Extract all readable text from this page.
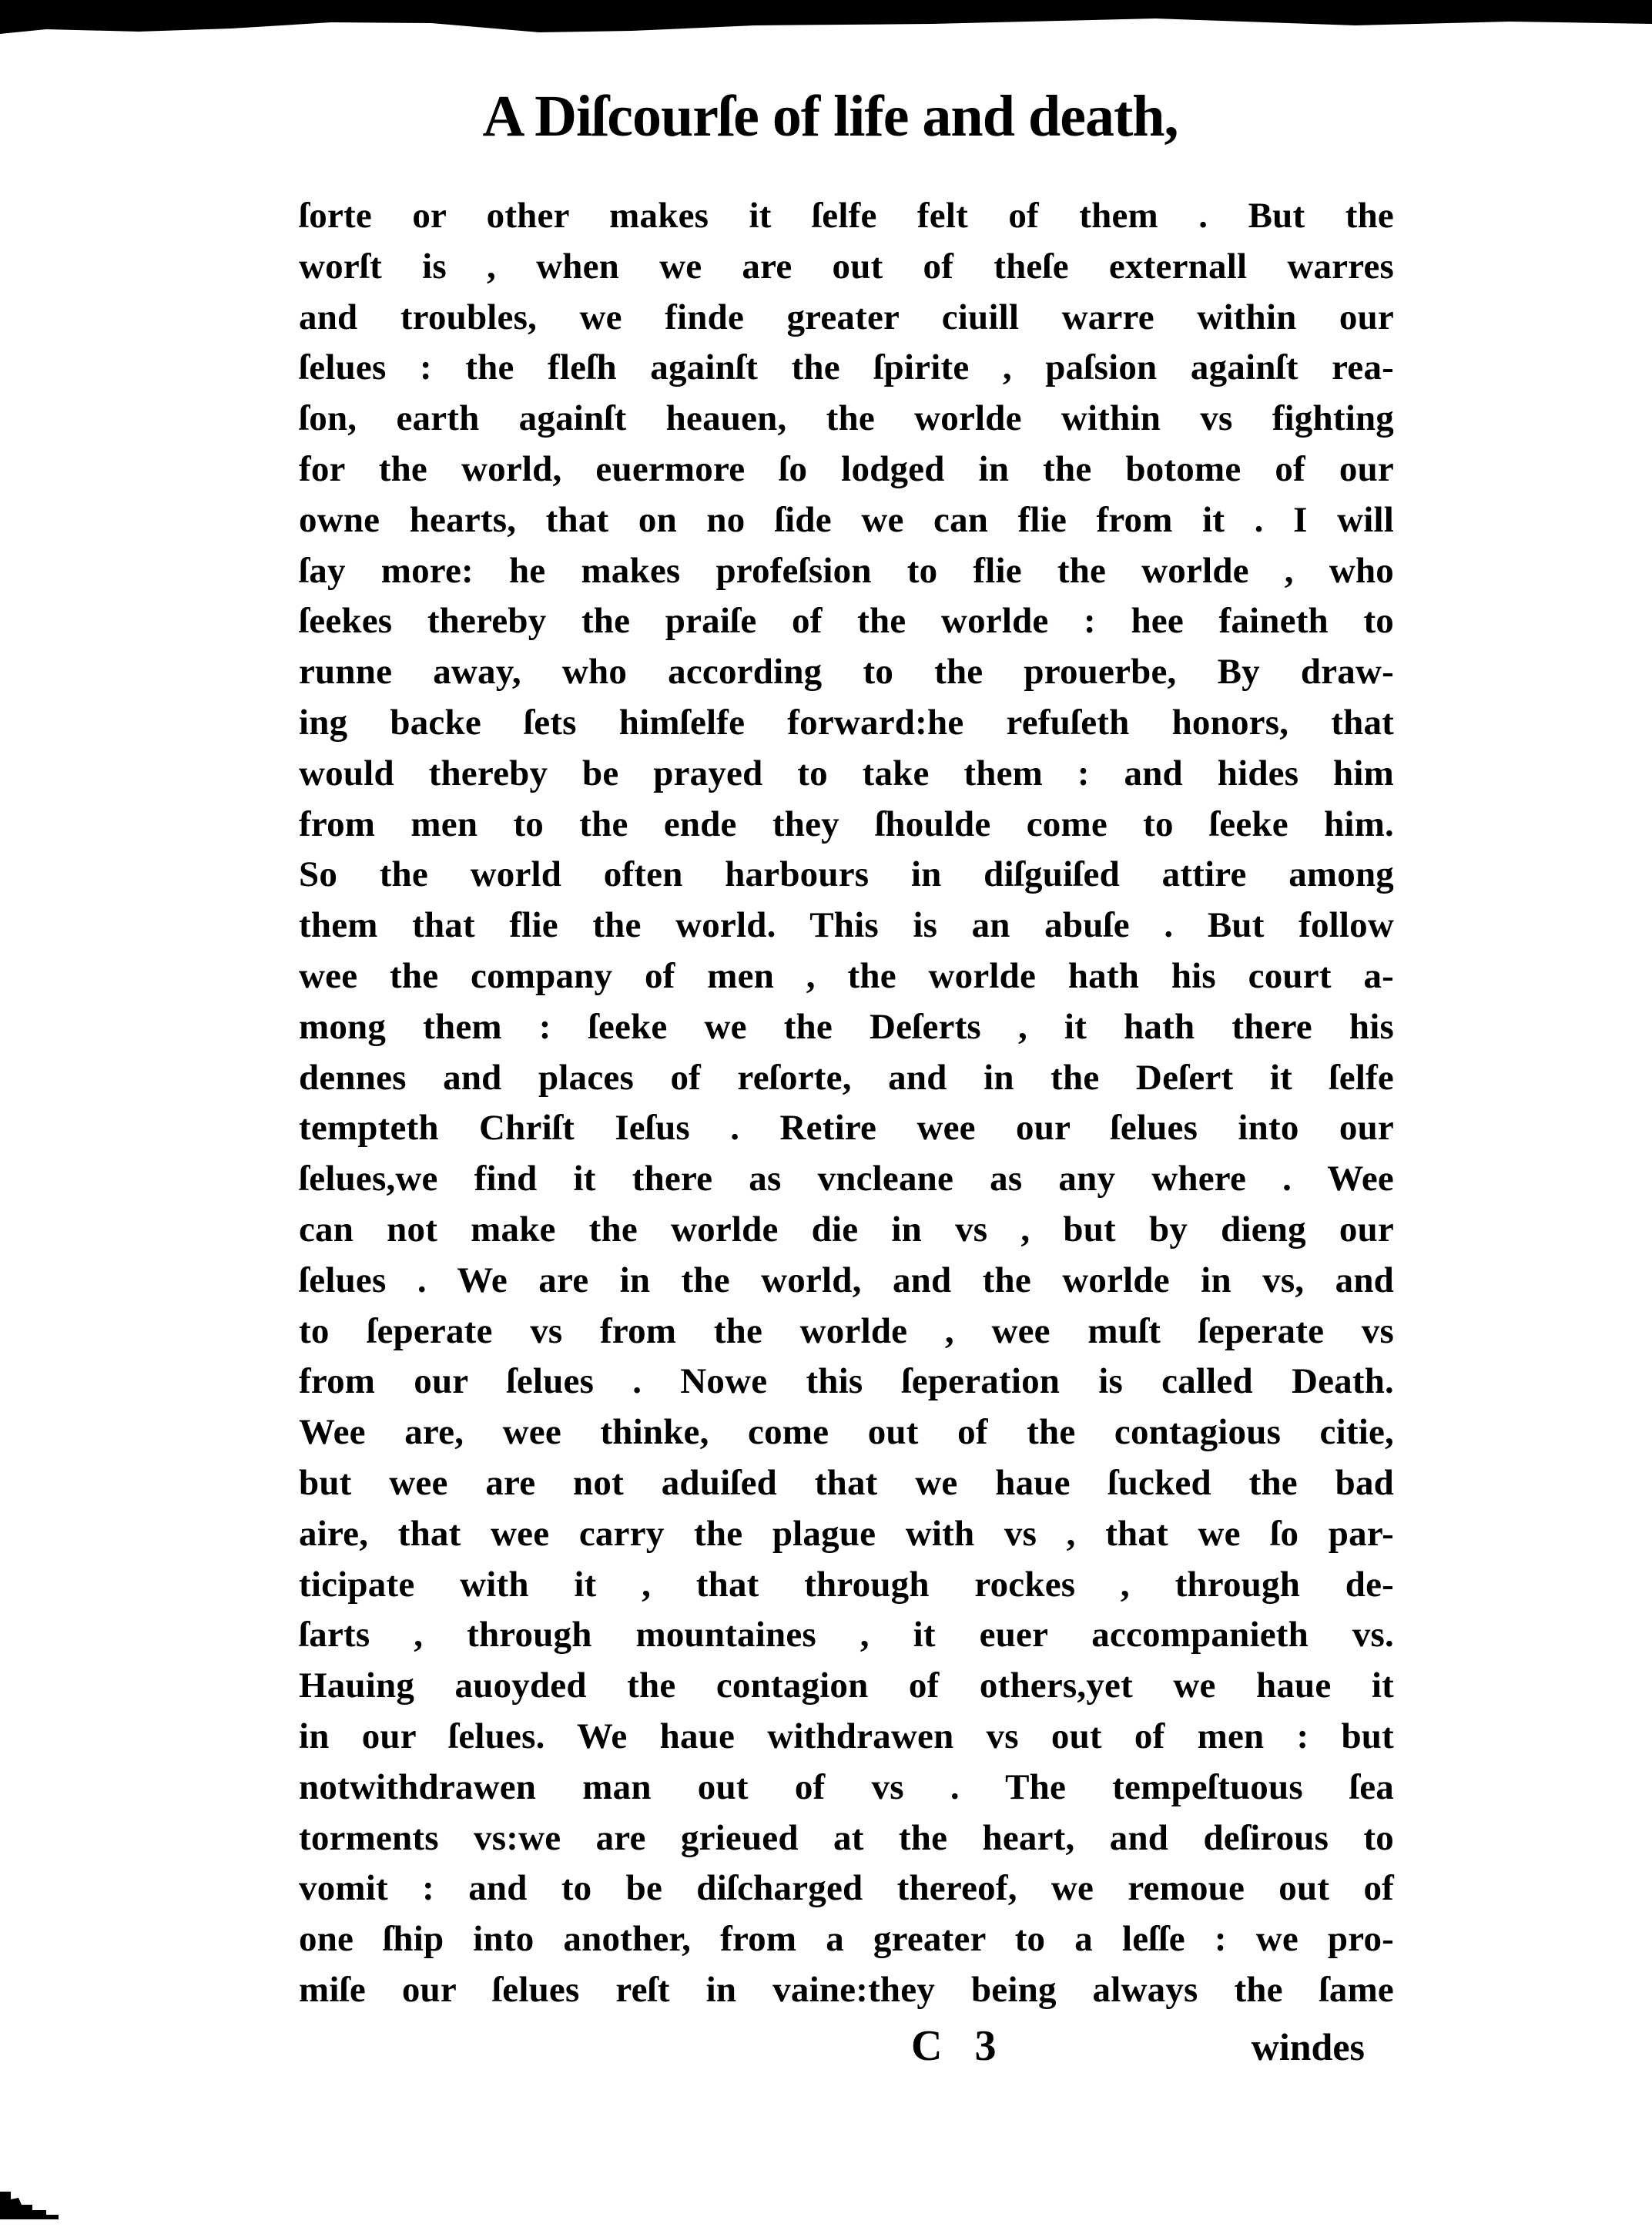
A Diſcourſe of life and death,
ſorte or other makes it ſelfe felt of them . But the
worſt is , when we are out of theſe externall warres
and troubles, we finde greater ciuill warre within our
ſelues : the fleſh againſt the ſpirite , paſsion againſt rea-
ſon, earth againſt heauen, the worlde within vs fighting
for the world, euermore ſo lodged in the botome of our
owne hearts, that on no ſide we can flie from it . I will
ſay more: he makes profeſsion to flie the worlde , who
ſeekes thereby the praiſe of the worlde : hee faineth to
runne away, who according to the prouerbe, By draw-
ing backe ſets himſelfe forward:he refuſeth honors, that
would thereby be prayed to take them : and hides him
from men to the ende they ſhoulde come to ſeeke him.
So the world often harbours in diſguiſed attire among
them that flie the world. This is an abuſe . But follow
wee the company of men , the worlde hath his court a-
mong them : ſeeke we the Deſerts , it hath there his
dennes and places of reſorte, and in the Deſert it ſelfe
tempteth Chriſt Ieſus . Retire wee our ſelues into our
ſelues,we find it there as vncleane as any where . Wee
can not make the worlde die in vs , but by dieng our
ſelues . We are in the world, and the worlde in vs, and
to ſeperate vs from the worlde , wee muſt ſeperate vs
from our ſelues . Nowe this ſeperation is called Death.
Wee are, wee thinke, come out of the contagious citie,
but wee are not aduiſed that we haue ſucked the bad
aire, that wee carry the plague with vs , that we ſo par-
ticipate with it , that through rockes , through de-
ſarts , through mountaines , it euer accompanieth vs.
Hauing auoyded the contagion of others,yet we haue it
in our ſelues. We haue withdrawen vs out of men : but
notwithdrawen man out of vs . The tempeſtuous ſea
torments vs:we are grieued at the heart, and deſirous to
vomit : and to be diſcharged thereof, we remoue out of
one ſhip into another, from a greater to a leſſe : we pro-
miſe our ſelues reſt in vaine:they being always the ſame
C 3	windes
